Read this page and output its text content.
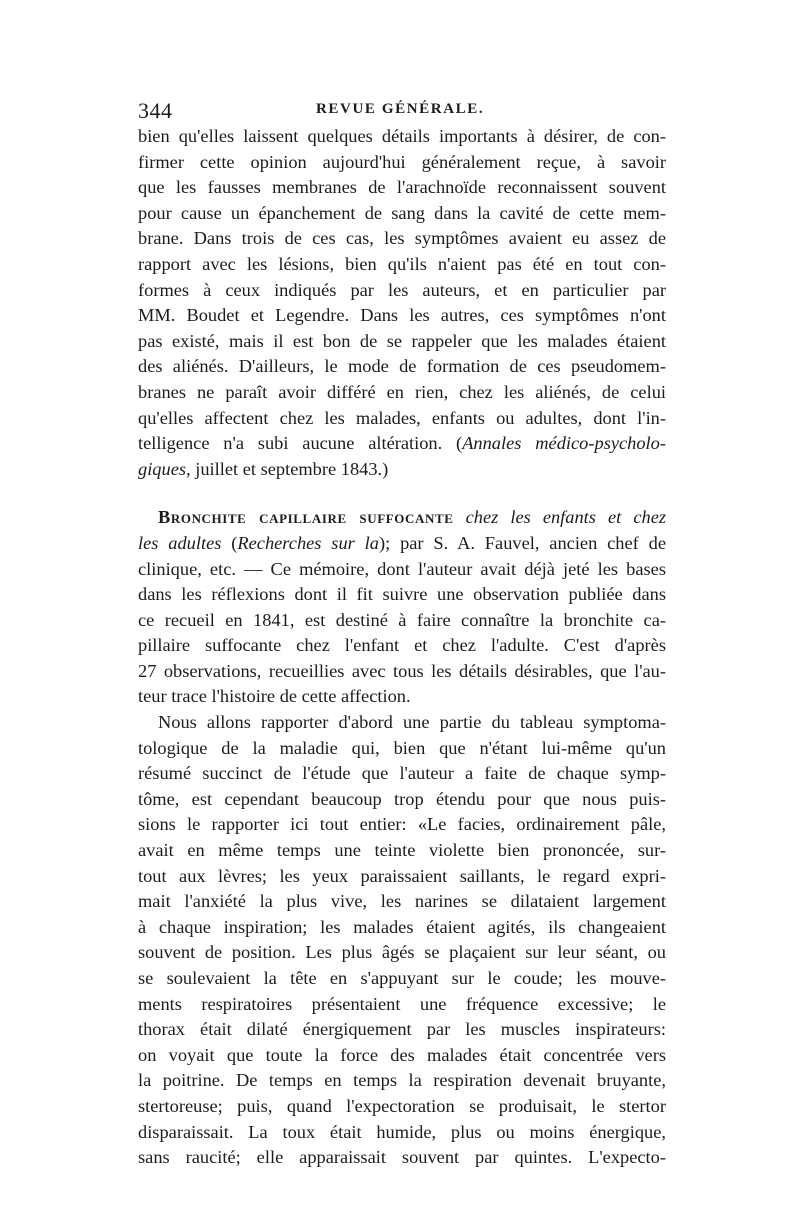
344	REVUE GÉNÉRALE.

bien qu'elles laissent quelques détails importants à désirer, de con-

firmer cette opinion aujourd'hui généralement reçue, à savoir

que les fausses membranes de l'arachnoïde reconnaissent souvent

pour cause un épanchement de sang dans la cavité de cette mem-

brane. Dans trois de ces cas, les symptômes avaient eu assez de

rapport avec les lésions, bien qu'ils n'aient pas été en tout con-

formes à ceux indiqués par les auteurs, et en particulier par

MM. Boudet et Legendre. Dans les autres, ces symptômes n'ont

pas existé, mais il est bon de se rappeler que les malades étaient

des aliénés. D'ailleurs, le mode de formation de ces pseudomem-

branes ne paraît avoir différé en rien, chez les aliénés, de celui

qu'elles affectent chez les malades, enfants ou adultes, dont l'in-

telligence n'a subi aucune altération. (Annales médico-psycholo-

giques, juillet et septembre 1843.)

Bronchite capillaire suffocante chez les enfants et chez

les adultes (Recherches sur la); par S. A. Fauvel, ancien chef de

clinique, etc. — Ce mémoire, dont l'auteur avait déjà jeté les bases

dans les réflexions dont il fit suivre une observation publiée dans

ce recueil en 1841, est destiné à faire connaître la bronchite ca-

pillaire suffocante chez l'enfant et chez l'adulte. C'est d'après

27 observations, recueillies avec tous les détails désirables, que l'au-

teur trace l'histoire de cette affection.

Nous allons rapporter d'abord une partie du tableau symptoma-

tologique de la maladie qui, bien que n'étant lui-même qu'un

résumé succinct de l'étude que l'auteur a faite de chaque symp-

tôme, est cependant beaucoup trop étendu pour que nous puis-

sions le rapporter ici tout entier: «Le facies, ordinairement pâle,

avait en même temps une teinte violette bien prononcée, sur-

tout aux lèvres; les yeux paraissaient saillants, le regard expri-

mait l'anxiété la plus vive, les narines se dilataient largement

à chaque inspiration; les malades étaient agités, ils changeaient

souvent de position. Les plus âgés se plaçaient sur leur séant, ou

se soulevaient la tête en s'appuyant sur le coude; les mouve-

ments respiratoires présentaient une fréquence excessive; le

thorax était dilaté énergiquement par les muscles inspirateurs:

on voyait que toute la force des malades était concentrée vers

la poitrine. De temps en temps la respiration devenait bruyante,

stertoreuse; puis, quand l'expectoration se produisait, le stertor

disparaissait. La toux était humide, plus ou moins énergique,

sans raucité; elle apparaissait souvent par quintes. L'expecto-
